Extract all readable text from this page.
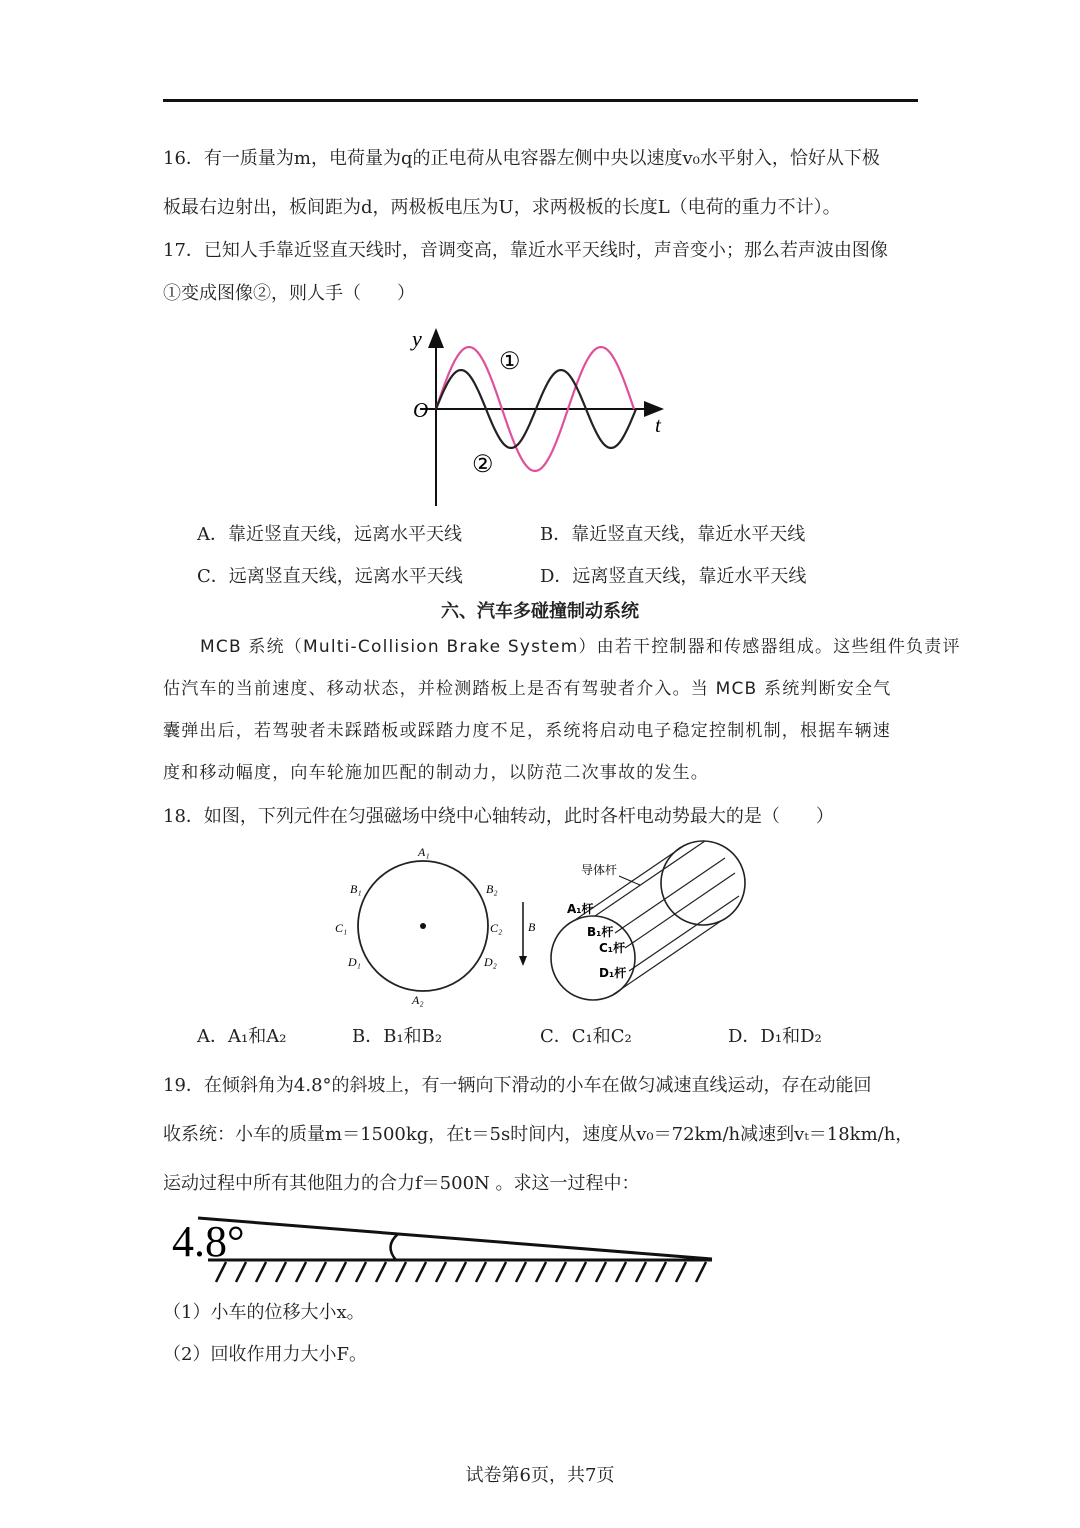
16．有一质量为m，电荷量为q的正电荷从电容器左侧中央以速度v₀水平射入，恰好从下极
板最右边射出，板间距为d，两极板电压为U，求两极板的长度L（电荷的重力不计）。
17．已知人手靠近竖直天线时，音调变高，靠近水平天线时，声音变小；那么若声波由图像
①变成图像②，则人手（　　）
y
O
t
①
②
A．靠近竖直天线，远离水平天线	B．靠近竖直天线，靠近水平天线
C．远离竖直天线，远离水平天线	D．远离竖直天线，靠近水平天线
六、汽车多碰撞制动系统
MCB 系统（Multi-Collision Brake System）由若干控制器和传感器组成。这些组件负责评
估汽车的当前速度、移动状态，并检测踏板上是否有驾驶者介入。当 MCB 系统判断安全气
囊弹出后，若驾驶者未踩踏板或踩踏力度不足，系统将启动电子稳定控制机制，根据车辆速
度和移动幅度，向车轮施加匹配的制动力，以防范二次事故的发生。
18．如图，下列元件在匀强磁场中绕中心轴转动，此时各杆电动势最大的是（　　）
A₁
A₂
B₁	B₂
C₁	C₂
D₁	D₂
B
导体杆
A₁杆
B₁杆
C₁杆
D₁杆
A．A₁和A₂	B．B₁和B₂	C．C₁和C₂	D．D₁和D₂
19．在倾斜角为4.8°的斜坡上，有一辆向下滑动的小车在做匀减速直线运动，存在动能回
收系统：小车的质量m＝1500kg，在t＝5s时间内，速度从v₀＝72km/h减速到vₜ＝18km/h，
运动过程中所有其他阻力的合力f＝500N 。求这一过程中：
4.8°
（1）小车的位移大小x。
（2）回收作用力大小F。
试卷第6页，共7页
